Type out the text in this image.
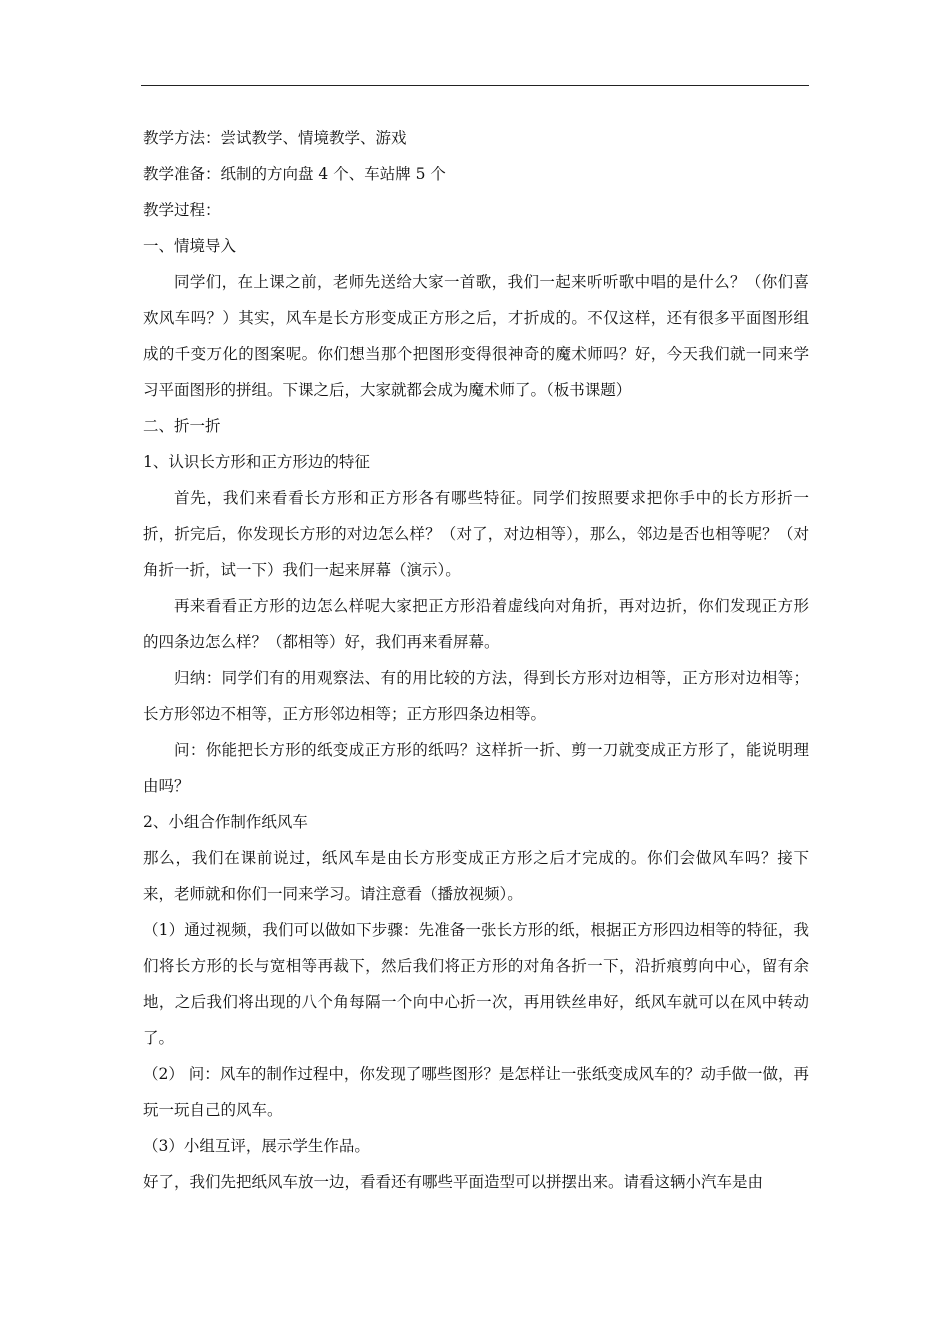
教学方法：尝试教学、情境教学、游戏

教学准备：纸制的方向盘 4 个、车站牌 5 个

教学过程：

一、情境导入

同学们，在上课之前，老师先送给大家一首歌，我们一起来听听歌中唱的是什么？（你们喜欢风车吗？）其实，风车是长方形变成正方形之后，才折成的。不仅这样，还有很多平面图形组成的千变万化的图案呢。你们想当那个把图形变得很神奇的魔术师吗？好，今天我们就一同来学习平面图形的拼组。下课之后，大家就都会成为魔术师了。（板书课题）

二、折一折

1、认识长方形和正方形边的特征

首先，我们来看看长方形和正方形各有哪些特征。同学们按照要求把你手中的长方形折一折，折完后，你发现长方形的对边怎么样？（对了，对边相等），那么，邻边是否也相等呢？（对角折一折，试一下）我们一起来屏幕（演示）。

再来看看正方形的边怎么样呢大家把正方形沿着虚线向对角折，再对边折，你们发现正方形的四条边怎么样？（都相等）好，我们再来看屏幕。

归纳：同学们有的用观察法、有的用比较的方法，得到长方形对边相等，正方形对边相等；长方形邻边不相等，正方形邻边相等；正方形四条边相等。

问：你能把长方形的纸变成正方形的纸吗？这样折一折、剪一刀就变成正方形了，能说明理由吗？

2、小组合作制作纸风车

那么，我们在课前说过，纸风车是由长方形变成正方形之后才完成的。你们会做风车吗？接下来，老师就和你们一同来学习。请注意看（播放视频）。

（1）通过视频，我们可以做如下步骤：先准备一张长方形的纸，根据正方形四边相等的特征，我们将长方形的长与宽相等再裁下，然后我们将正方形的对角各折一下，沿折痕剪向中心，留有余地，之后我们将出现的八个角每隔一个向中心折一次，再用铁丝串好，纸风车就可以在风中转动了。

（2） 问：风车的制作过程中，你发现了哪些图形？是怎样让一张纸变成风车的？动手做一做，再玩一玩自己的风车。

（3）小组互评，展示学生作品。

好了，我们先把纸风车放一边，看看还有哪些平面造型可以拼摆出来。请看这辆小汽车是由
